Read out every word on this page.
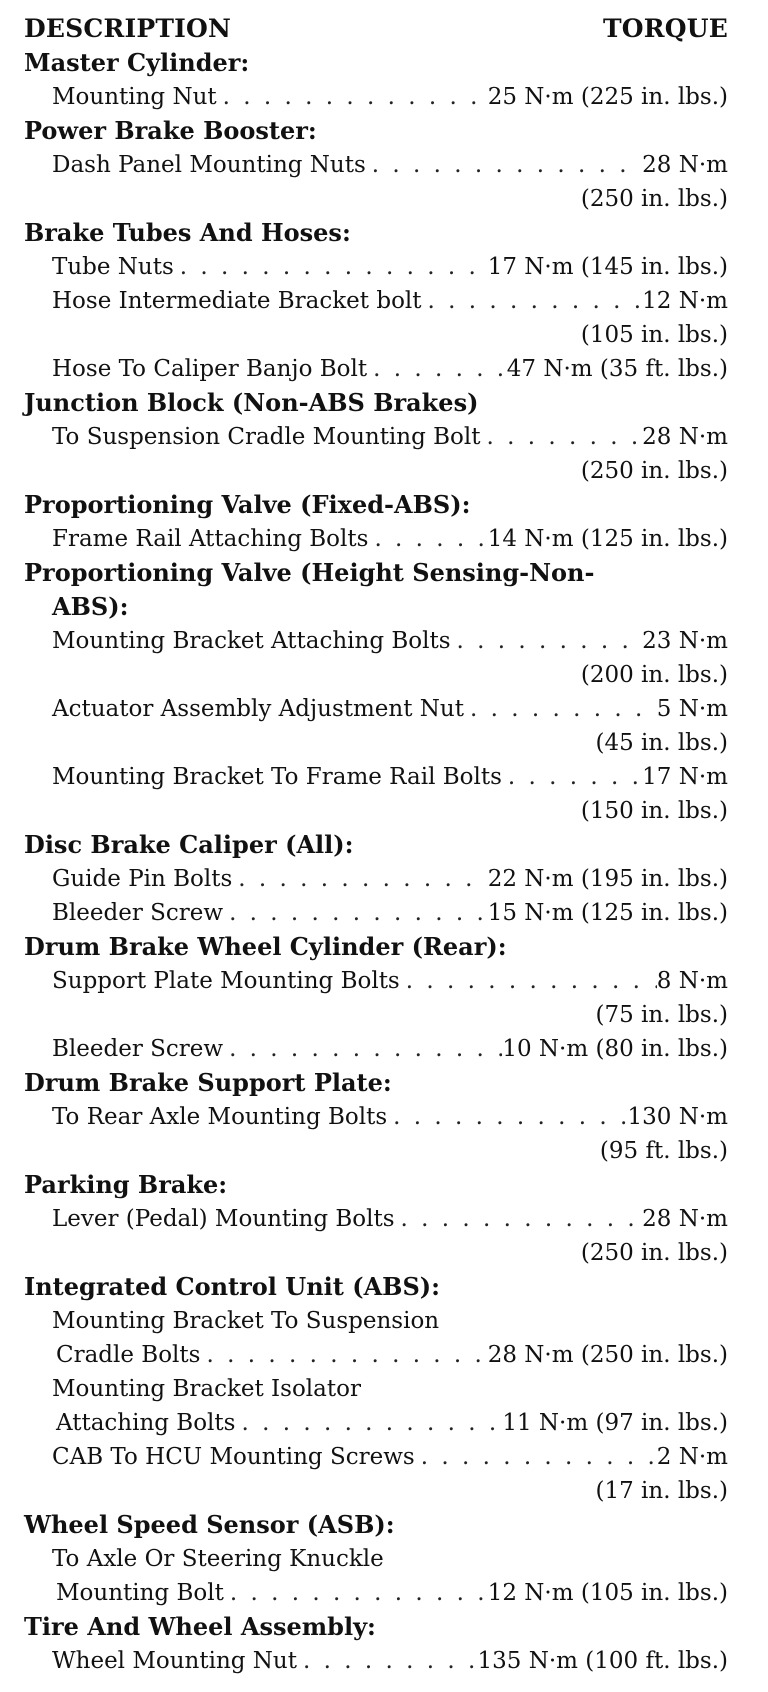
DESCRIPTION	TORQUE
Master Cylinder:
Mounting Nut . . .	25 N·m (225 in. lbs.)
Power Brake Booster:
Dash Panel Mounting Nuts . . .	28 N·m
(250 in. lbs.)
Brake Tubes And Hoses:
Tube Nuts . . .	17 N·m (145 in. lbs.)
Hose Intermediate Bracket bolt . . .	12 N·m
(105 in. lbs.)
Hose To Caliper Banjo Bolt . . .	47 N·m (35 ft. lbs.)
Junction Block (Non-ABS Brakes)
To Suspension Cradle Mounting Bolt . . .	28 N·m
(250 in. lbs.)
Proportioning Valve (Fixed-ABS):
Frame Rail Attaching Bolts . . .	14 N·m (125 in. lbs.)
Proportioning Valve (Height Sensing-Non-
ABS):
Mounting Bracket Attaching Bolts . . .	23 N·m
(200 in. lbs.)
Actuator Assembly Adjustment Nut . . .	5 N·m
(45 in. lbs.)
Mounting Bracket To Frame Rail Bolts . . .	17 N·m
(150 in. lbs.)
Disc Brake Caliper (All):
Guide Pin Bolts . . .	22 N·m (195 in. lbs.)
Bleeder Screw . . .	15 N·m (125 in. lbs.)
Drum Brake Wheel Cylinder (Rear):
Support Plate Mounting Bolts . . .	8 N·m
(75 in. lbs.)
Bleeder Screw . . .	10 N·m (80 in. lbs.)
Drum Brake Support Plate:
To Rear Axle Mounting Bolts . . .	130 N·m
(95 ft. lbs.)
Parking Brake:
Lever (Pedal) Mounting Bolts . . .	28 N·m
(250 in. lbs.)
Integrated Control Unit (ABS):
Mounting Bracket To Suspension
Cradle Bolts . . .	28 N·m (250 in. lbs.)
Mounting Bracket Isolator
Attaching Bolts . . .	11 N·m (97 in. lbs.)
CAB To HCU Mounting Screws . . .	2 N·m
(17 in. lbs.)
Wheel Speed Sensor (ASB):
To Axle Or Steering Knuckle
Mounting Bolt . . .	12 N·m (105 in. lbs.)
Tire And Wheel Assembly:
Wheel Mounting Nut . . .	135 N·m (100 ft. lbs.)
